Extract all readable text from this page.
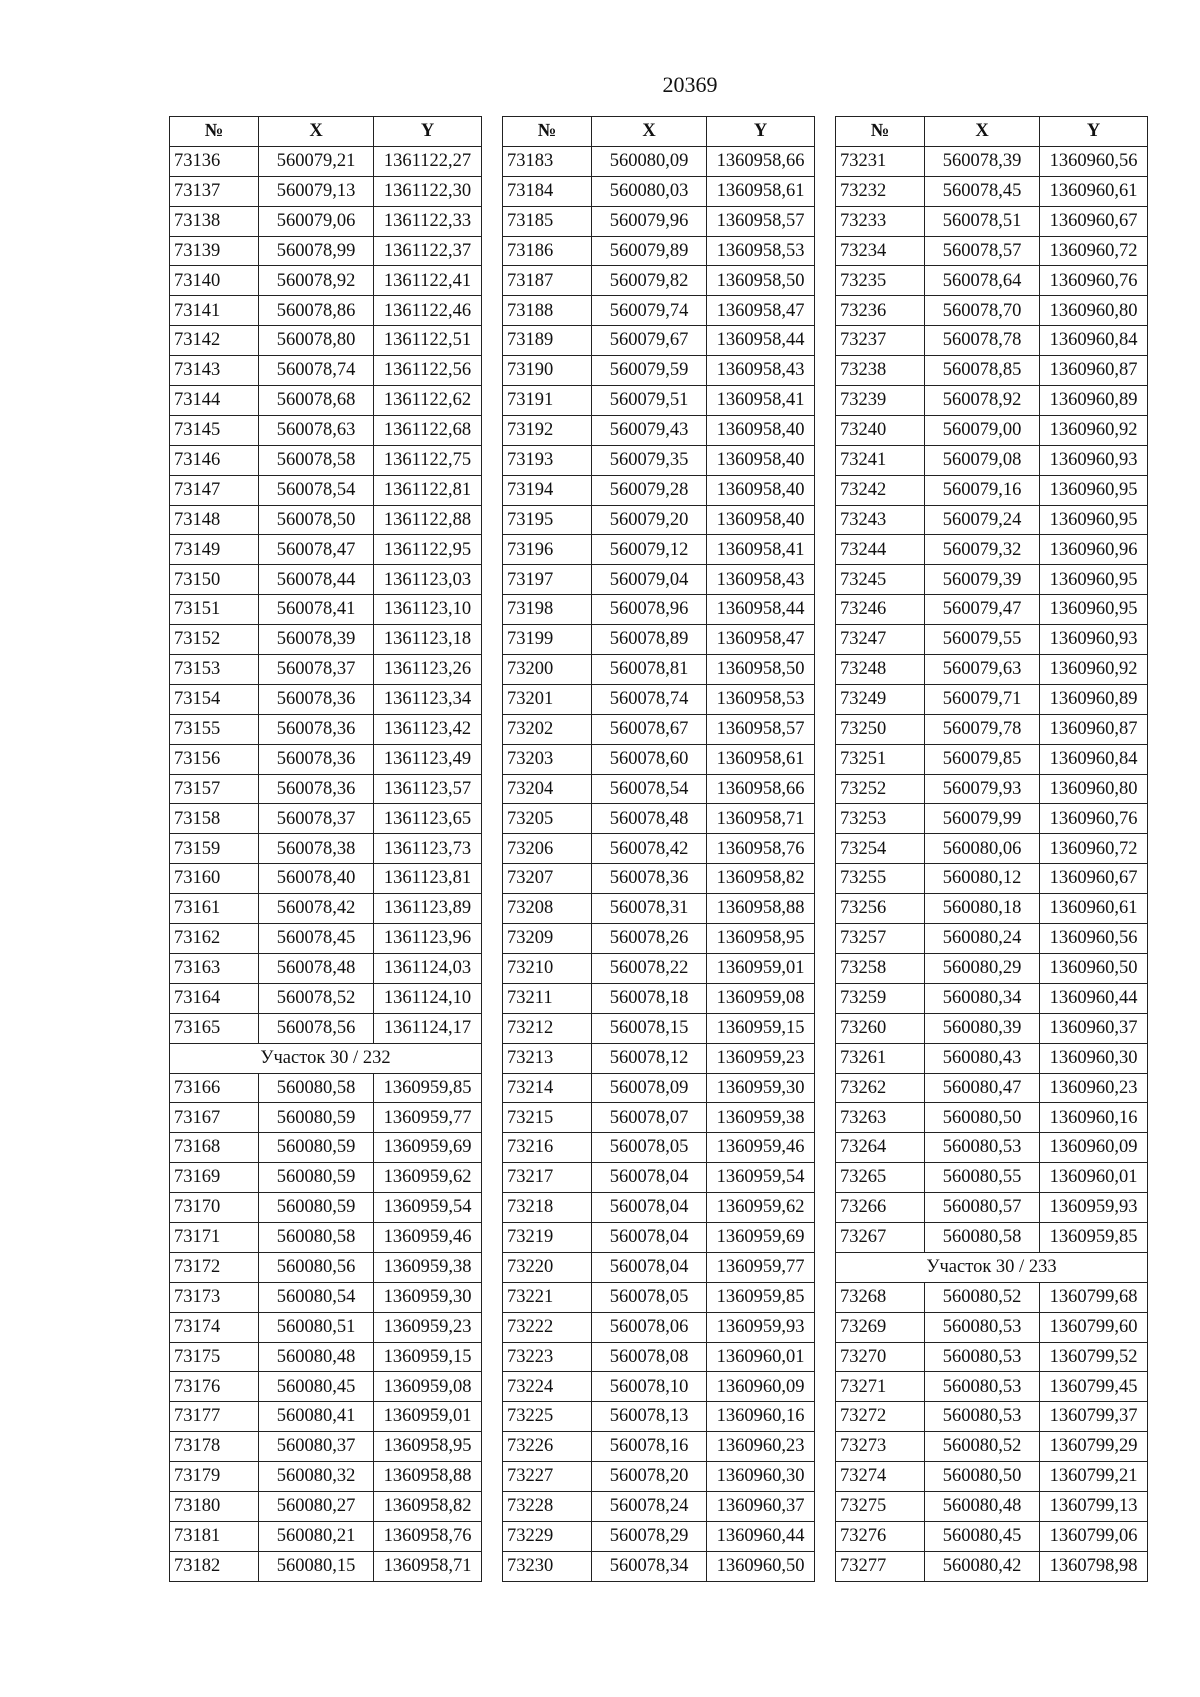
20369
№	X	Y
73136	560079,21	1361122,27
73137	560079,13	1361122,30
73138	560079,06	1361122,33
73139	560078,99	1361122,37
73140	560078,92	1361122,41
73141	560078,86	1361122,46
73142	560078,80	1361122,51
73143	560078,74	1361122,56
73144	560078,68	1361122,62
73145	560078,63	1361122,68
73146	560078,58	1361122,75
73147	560078,54	1361122,81
73148	560078,50	1361122,88
73149	560078,47	1361122,95
73150	560078,44	1361123,03
73151	560078,41	1361123,10
73152	560078,39	1361123,18
73153	560078,37	1361123,26
73154	560078,36	1361123,34
73155	560078,36	1361123,42
73156	560078,36	1361123,49
73157	560078,36	1361123,57
73158	560078,37	1361123,65
73159	560078,38	1361123,73
73160	560078,40	1361123,81
73161	560078,42	1361123,89
73162	560078,45	1361123,96
73163	560078,48	1361124,03
73164	560078,52	1361124,10
73165	560078,56	1361124,17
Участок 30 / 232		
73166	560080,58	1360959,85
73167	560080,59	1360959,77
73168	560080,59	1360959,69
73169	560080,59	1360959,62
73170	560080,59	1360959,54
73171	560080,58	1360959,46
73172	560080,56	1360959,38
73173	560080,54	1360959,30
73174	560080,51	1360959,23
73175	560080,48	1360959,15
73176	560080,45	1360959,08
73177	560080,41	1360959,01
73178	560080,37	1360958,95
73179	560080,32	1360958,88
73180	560080,27	1360958,82
73181	560080,21	1360958,76
73182	560080,15	1360958,71
№	X	Y
73183	560080,09	1360958,66
73184	560080,03	1360958,61
73185	560079,96	1360958,57
73186	560079,89	1360958,53
73187	560079,82	1360958,50
73188	560079,74	1360958,47
73189	560079,67	1360958,44
73190	560079,59	1360958,43
73191	560079,51	1360958,41
73192	560079,43	1360958,40
73193	560079,35	1360958,40
73194	560079,28	1360958,40
73195	560079,20	1360958,40
73196	560079,12	1360958,41
73197	560079,04	1360958,43
73198	560078,96	1360958,44
73199	560078,89	1360958,47
73200	560078,81	1360958,50
73201	560078,74	1360958,53
73202	560078,67	1360958,57
73203	560078,60	1360958,61
73204	560078,54	1360958,66
73205	560078,48	1360958,71
73206	560078,42	1360958,76
73207	560078,36	1360958,82
73208	560078,31	1360958,88
73209	560078,26	1360958,95
73210	560078,22	1360959,01
73211	560078,18	1360959,08
73212	560078,15	1360959,15
73213	560078,12	1360959,23
73214	560078,09	1360959,30
73215	560078,07	1360959,38
73216	560078,05	1360959,46
73217	560078,04	1360959,54
73218	560078,04	1360959,62
73219	560078,04	1360959,69
73220	560078,04	1360959,77
73221	560078,05	1360959,85
73222	560078,06	1360959,93
73223	560078,08	1360960,01
73224	560078,10	1360960,09
73225	560078,13	1360960,16
73226	560078,16	1360960,23
73227	560078,20	1360960,30
73228	560078,24	1360960,37
73229	560078,29	1360960,44
73230	560078,34	1360960,50
№	X	Y
73231	560078,39	1360960,56
73232	560078,45	1360960,61
73233	560078,51	1360960,67
73234	560078,57	1360960,72
73235	560078,64	1360960,76
73236	560078,70	1360960,80
73237	560078,78	1360960,84
73238	560078,85	1360960,87
73239	560078,92	1360960,89
73240	560079,00	1360960,92
73241	560079,08	1360960,93
73242	560079,16	1360960,95
73243	560079,24	1360960,95
73244	560079,32	1360960,96
73245	560079,39	1360960,95
73246	560079,47	1360960,95
73247	560079,55	1360960,93
73248	560079,63	1360960,92
73249	560079,71	1360960,89
73250	560079,78	1360960,87
73251	560079,85	1360960,84
73252	560079,93	1360960,80
73253	560079,99	1360960,76
73254	560080,06	1360960,72
73255	560080,12	1360960,67
73256	560080,18	1360960,61
73257	560080,24	1360960,56
73258	560080,29	1360960,50
73259	560080,34	1360960,44
73260	560080,39	1360960,37
73261	560080,43	1360960,30
73262	560080,47	1360960,23
73263	560080,50	1360960,16
73264	560080,53	1360960,09
73265	560080,55	1360960,01
73266	560080,57	1360959,93
73267	560080,58	1360959,85
Участок 30 / 233		
73268	560080,52	1360799,68
73269	560080,53	1360799,60
73270	560080,53	1360799,52
73271	560080,53	1360799,45
73272	560080,53	1360799,37
73273	560080,52	1360799,29
73274	560080,50	1360799,21
73275	560080,48	1360799,13
73276	560080,45	1360799,06
73277	560080,42	1360798,98
